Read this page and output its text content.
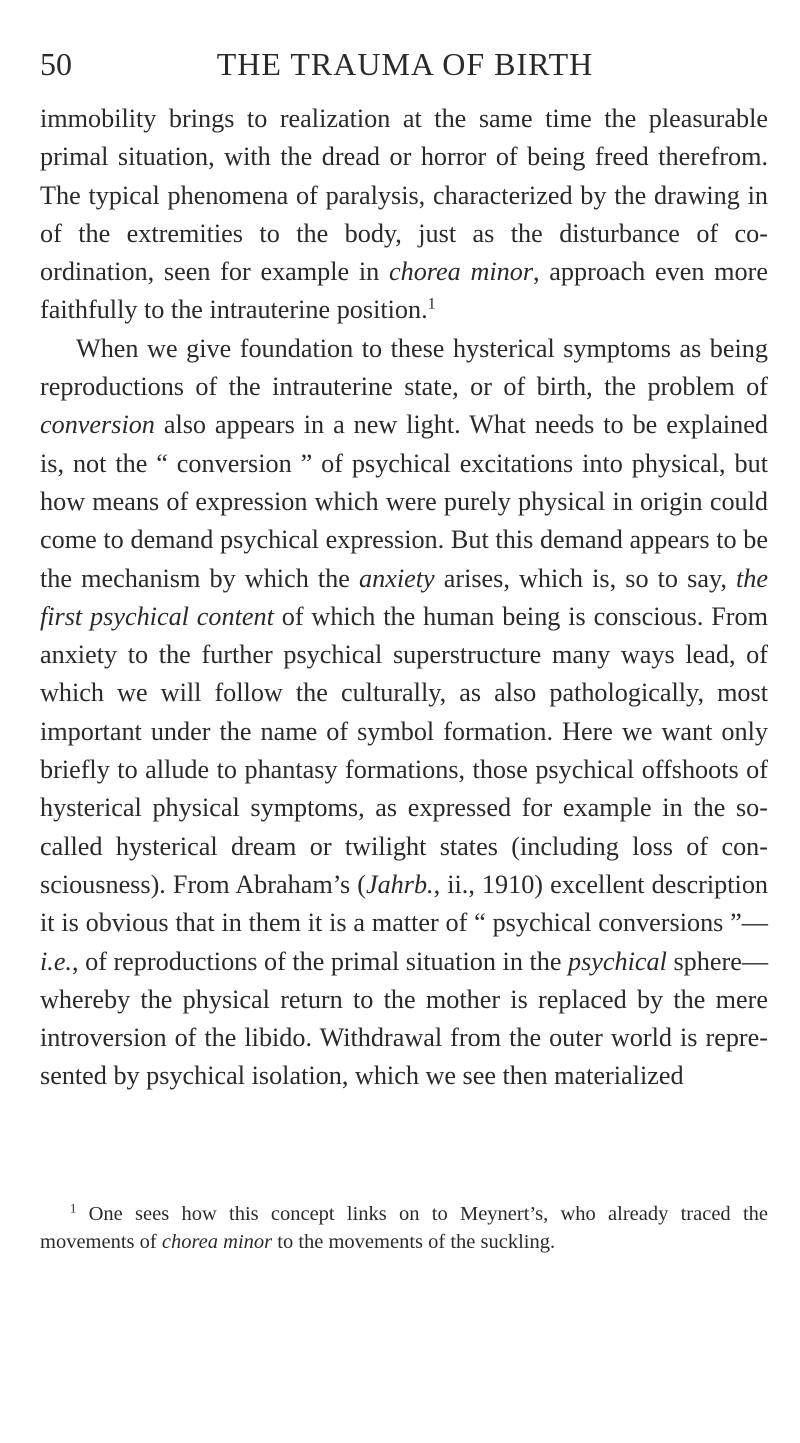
50	THE TRAUMA OF BIRTH

immobility brings to realization at the same time the pleasurable primal situation, with the dread or horror of being freed therefrom. The typical phenomena of paralysis, characterized by the drawing in of the extremities to the body, just as the disturbance of co-ordination, seen for example in chorea minor, approach even more faithfully to the intrauterine position.$^1$

When we give foundation to these hysterical symptoms as being reproductions of the intrauterine state, or of birth, the problem of conversion also appears in a new light. What needs to be explained is, not the “ conversion ” of psychical excitations into physical, but how means of expression which were purely physical in origin could come to demand psychical expression. But this demand appears to be the mechanism by which the anxiety arises, which is, so to say, the first psychical content of which the human being is conscious. From anxiety to the further psychical superstructure many ways lead, of which we will follow the culturally, as also pathologically, most important under the name of symbol formation. Here we want only briefly to allude to phantasy formations, those psychical offshoots of hysterical physical symptoms, as expressed for example in the so-called hysterical dream or twilight states (including loss of consciousness). From Abraham’s (Jahrb., ii., 1910) excellent description it is obvious that in them it is a matter of “ psychical conversions ”—i.e., of reproductions of the primal situation in the psychical sphere—whereby the physical return to the mother is replaced by the mere introversion of the libido. Withdrawal from the outer world is represented by psychical isolation, which we see then materialized

$^1$ One sees how this concept links on to Meynert’s, who already traced the movements of chorea minor to the movements of the suckling.
